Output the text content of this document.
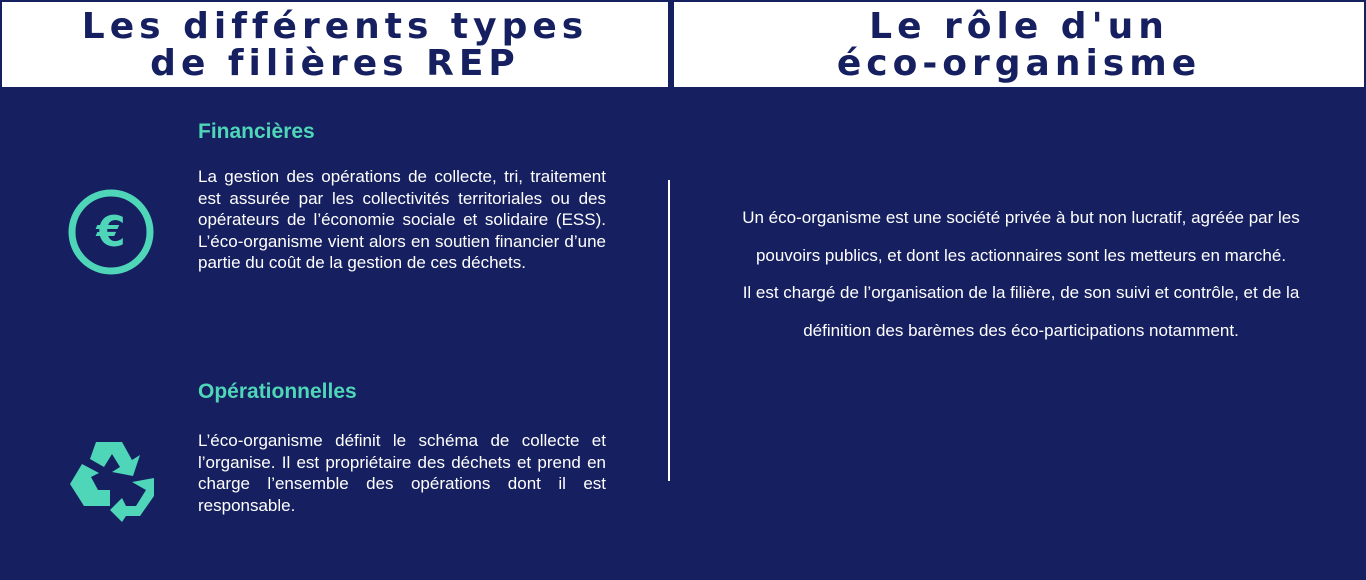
Les différents types
de filières REP
Le rôle d'un
éco-organisme
€
Financières
La gestion des opérations de collecte, tri, traitement est assurée par les collectivités territoriales ou des opérateurs de l’économie sociale et solidaire (ESS). L’éco-organisme vient alors en soutien financier d’une partie du coût de la gestion de ces déchets.
Opérationnelles
L’éco-organisme définit le schéma de collecte et l’organise. Il est propriétaire des déchets et prend en charge l’ensemble des opérations dont il est responsable.

Un éco-organisme est une société privée à but non lucratif, agréée par les pouvoirs publics, et dont les actionnaires sont les metteurs en marché.

Il est chargé de l’organisation de la filière, de son suivi et contrôle, et de la définition des barèmes des éco-participations notamment.
